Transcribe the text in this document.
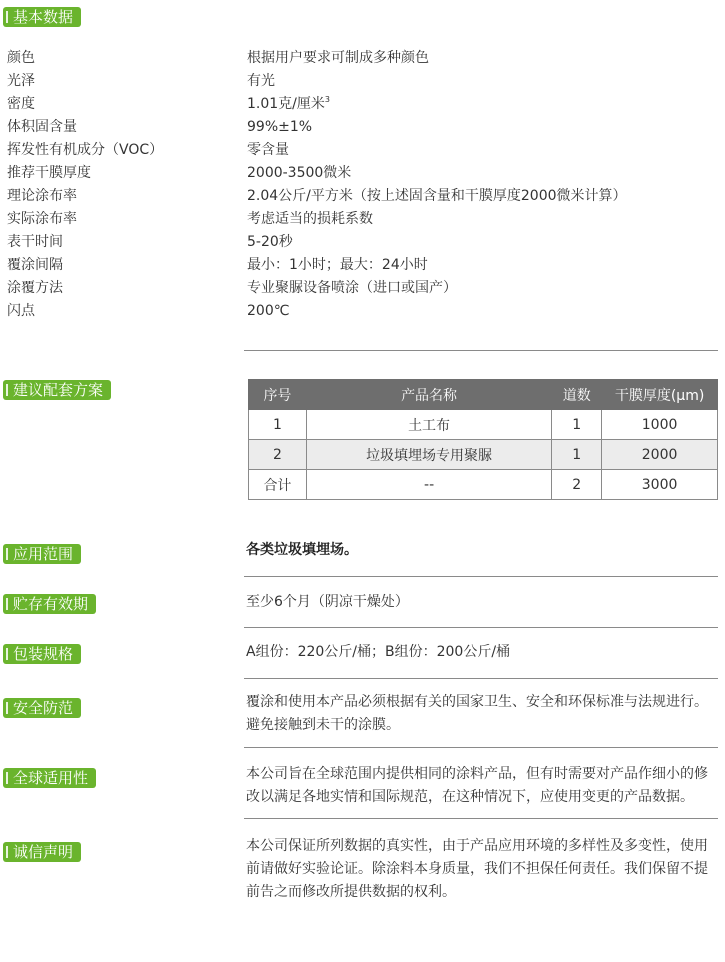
基本数据
颜色	根据用户要求可制成多种颜色
光泽	有光
密度	1.01克/厘米$^3$
体积固含量	99%±1%
挥发性有机成分（VOC）	零含量
推荐干膜厚度	2000-3500微米
理论涂布率	2.04公斤/平方米（按上述固含量和干膜厚度2000微米计算）
实际涂布率	考虑适当的损耗系数
表干时间	5-20秒
覆涂间隔	最小：1小时；最大：24小时
涂覆方法	专业聚脲设备喷涂（进口或国产）
闪点	200℃
建议配套方案	序号	产品名称	道数	干膜厚度(μm)
1	土工布	1	1000
2	垃圾填埋场专用聚脲	1	2000
合计	--	2	3000
应用范围	各类垃圾填埋场。
贮存有效期	至少6个月（阴凉干燥处）
包装规格	A组份：220公斤/桶；B组份：200公斤/桶
安全防范	覆涂和使用本产品必须根据有关的国家卫生、安全和环保标准与法规进行。
避免接触到未干的涂膜。
全球适用性	本公司旨在全球范围内提供相同的涂料产品，但有时需要对产品作细小的修
改以满足各地实情和国际规范，在这种情况下，应使用变更的产品数据。
诚信声明	本公司保证所列数据的真实性，由于产品应用环境的多样性及多变性，使用
前请做好实验论证。除涂料本身质量，我们不担保任何责任。我们保留不提
前告之而修改所提供数据的权利。
